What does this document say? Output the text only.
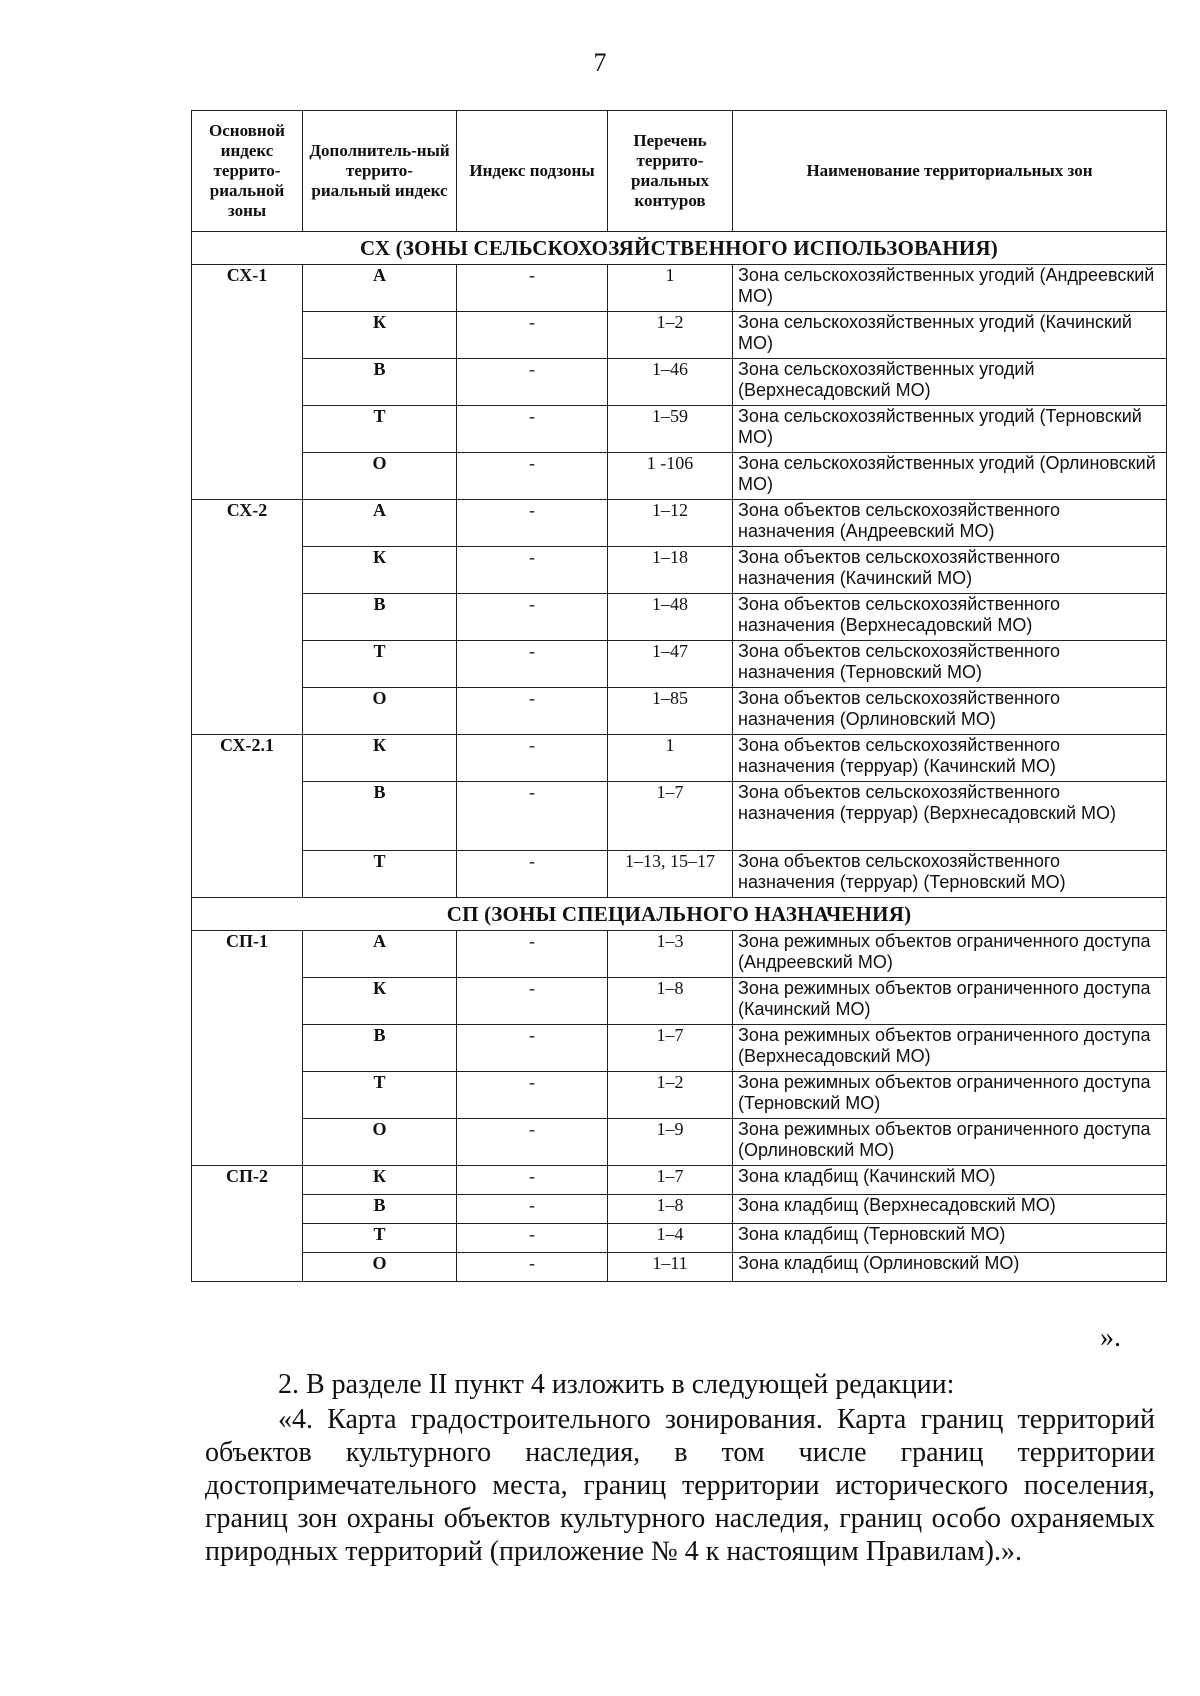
7
Основной индекс террито-риальной зоны	Дополнитель-ный террито-риальный индекс	Индекс подзоны	Перечень террито-риальных контуров	Наименование территориальных зон
СХ (ЗОНЫ СЕЛЬСКОХОЗЯЙСТВЕННОГО ИСПОЛЬЗОВАНИЯ)				
СХ-1	А	-	1	Зона сельскохозяйственных угодий (Андреевский МО)
	К	-	1–2	Зона сельскохозяйственных угодий (Качинский МО)
	В	-	1–46	Зона сельскохозяйственных угодий (Верхнесадовский МО)
	Т	-	1–59	Зона сельскохозяйственных угодий (Терновский МО)
	О	-	1 -106	Зона сельскохозяйственных угодий (Орлиновский МО)
СХ-2	А	-	1–12	Зона объектов сельскохозяйственного назначения (Андреевский МО)
	К	-	1–18	Зона объектов сельскохозяйственного назначения (Качинский МО)
	В	-	1–48	Зона объектов сельскохозяйственного назначения (Верхнесадовский МО)
	Т	-	1–47	Зона объектов сельскохозяйственного назначения (Терновский МО)
	О	-	1–85	Зона объектов сельскохозяйственного назначения (Орлиновский МО)
СХ-2.1	К	-	1	Зона объектов сельскохозяйственного назначения (терруар) (Качинский МО)
	В	-	1–7	Зона объектов сельскохозяйственного назначения (терруар) (Верхнесадовский МО)
	Т	-	1–13, 15–17	Зона объектов сельскохозяйственного назначения (терруар) (Терновский МО)
СП (ЗОНЫ СПЕЦИАЛЬНОГО НАЗНАЧЕНИЯ)				
СП-1	А	-	1–3	Зона режимных объектов ограниченного доступа (Андреевский МО)
	К	-	1–8	Зона режимных объектов ограниченного доступа (Качинский МО)
	В	-	1–7	Зона режимных объектов ограниченного доступа (Верхнесадовский МО)
	Т	-	1–2	Зона режимных объектов ограниченного доступа (Терновский МО)
	О	-	1–9	Зона режимных объектов ограниченного доступа (Орлиновский МО)
СП-2	К	-	1–7	Зона кладбищ (Качинский МО)
	В	-	1–8	Зона кладбищ (Верхнесадовский МО)
	Т	-	1–4	Зона кладбищ (Терновский МО)
	О	-	1–11	Зона кладбищ (Орлиновский МО)
».
2. В разделе II пункт 4 изложить в следующей редакции:
«4. Карта градостроительного зонирования. Карта границ территорий объектов культурного наследия, в том числе границ территории достопримечательного места, границ территории исторического поселения, границ зон охраны объектов культурного наследия, границ особо охраняемых природных территорий (приложение № 4 к настоящим Правилам).».
